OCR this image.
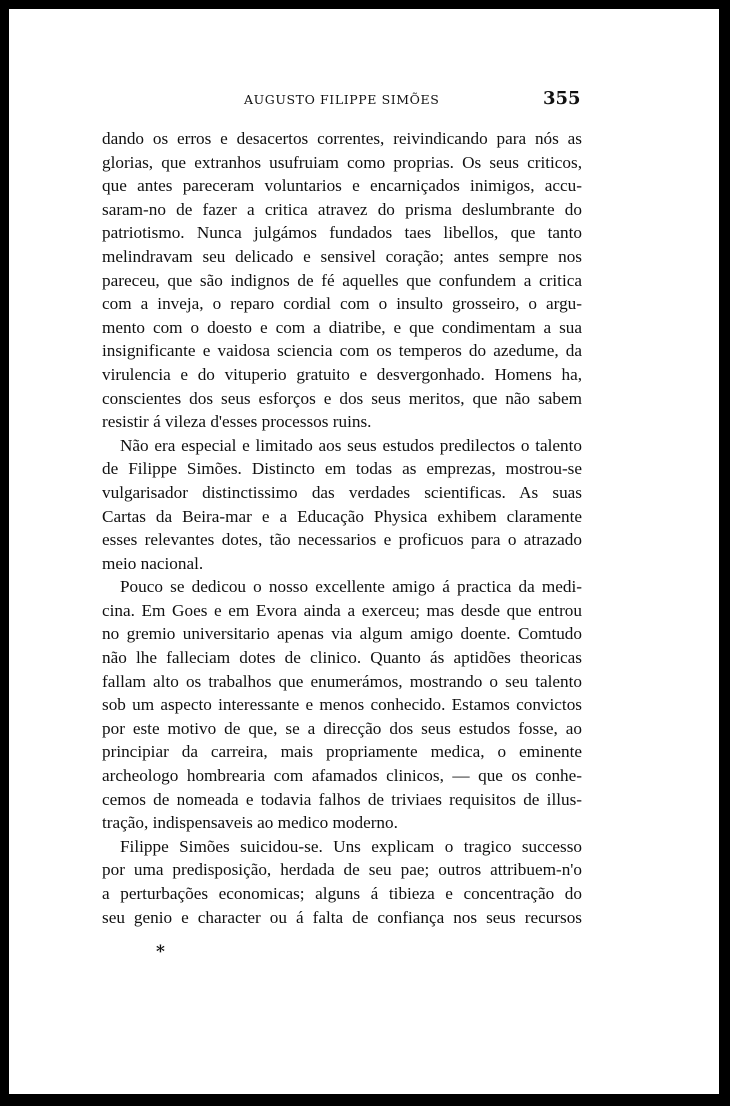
AUGUSTO FILIPPE SIMÕES	355
dando os erros e desacertos correntes, reivindicando para nós as
glorias, que extranhos usufruiam como proprias. Os seus criticos,
que antes pareceram voluntarios e encarniçados inimigos, accu-
saram-no de fazer a critica atravez do prisma deslumbrante do
patriotismo. Nunca julgámos fundados taes libellos, que tanto
melindravam seu delicado e sensivel coração; antes sempre nos
pareceu, que são indignos de fé aquelles que confundem a critica
com a inveja, o reparo cordial com o insulto grosseiro, o argu-
mento com o doesto e com a diatribe, e que condimentam a sua
insignificante e vaidosa sciencia com os temperos do azedume, da
virulencia e do vituperio gratuito e desvergonhado. Homens ha,
conscientes dos seus esforços e dos seus meritos, que não sabem
resistir á vileza d'esses processos ruins.
Não era especial e limitado aos seus estudos predilectos o talento
de Filippe Simões. Distincto em todas as emprezas, mostrou-se
vulgarisador distinctissimo das verdades scientificas. As suas
Cartas da Beira-mar e a Educação Physica exhibem claramente
esses relevantes dotes, tão necessarios e proficuos para o atrazado
meio nacional.
Pouco se dedicou o nosso excellente amigo á practica da medi-
cina. Em Goes e em Evora ainda a exerceu; mas desde que entrou
no gremio universitario apenas via algum amigo doente. Comtudo
não lhe falleciam dotes de clinico. Quanto ás aptidões theoricas
fallam alto os trabalhos que enumerámos, mostrando o seu talento
sob um aspecto interessante e menos conhecido. Estamos convictos
por este motivo de que, se a direcção dos seus estudos fosse, ao
principiar da carreira, mais propriamente medica, o eminente
archeologo hombrearia com afamados clinicos, — que os conhe-
cemos de nomeada e todavia falhos de triviaes requisitos de illus-
tração, indispensaveis ao medico moderno.
Filippe Simões suicidou-se. Uns explicam o tragico successo
por uma predisposição, herdada de seu pae; outros attribuem-n'o
a perturbações economicas; alguns á tibieza e concentração do
seu genio e character ou á falta de confiança nos seus recursos
*
